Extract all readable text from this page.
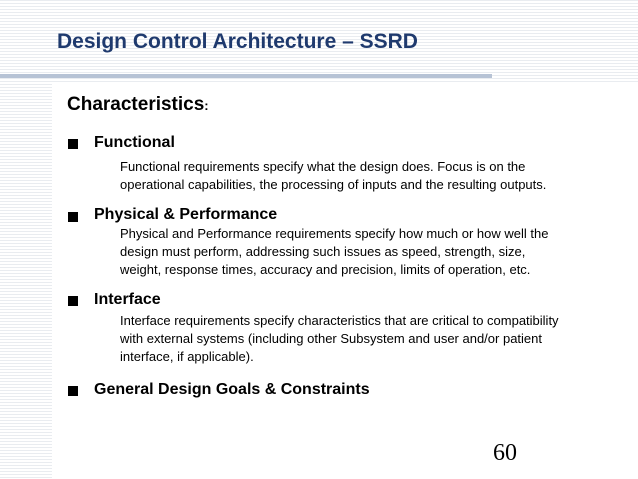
Design Control Architecture – SSRD
Characteristics:
Functional
Functional requirements specify what the design does. Focus is on the
operational capabilities, the processing of inputs and the resulting outputs.
Physical & Performance
Physical and Performance requirements specify how much or how well the
design must perform, addressing such issues as speed, strength, size,
weight, response times, accuracy and precision, limits of operation, etc.
Interface
Interface requirements specify characteristics that are critical to compatibility
with external systems (including other Subsystem and user and/or patient
interface, if applicable).
General Design Goals & Constraints
60
